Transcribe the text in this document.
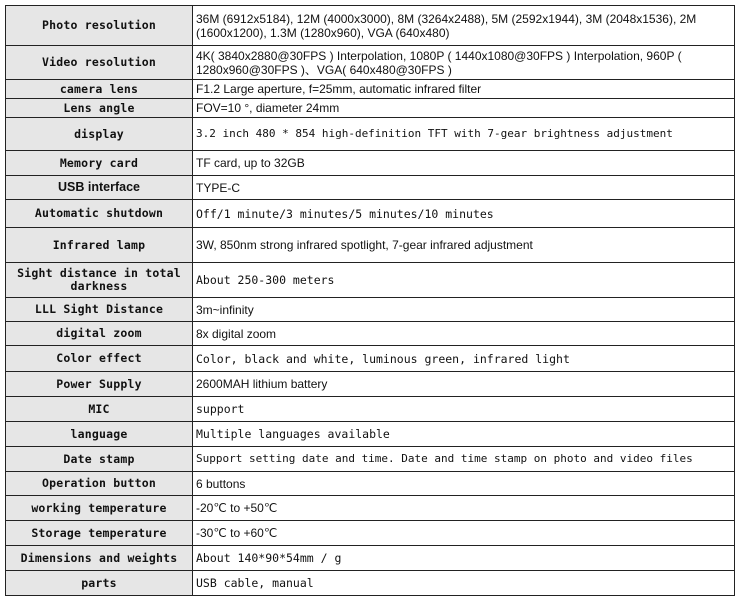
Photo resolution	36M (6912x5184), 12M (4000x3000), 8M (3264x2488), 5M (2592x1944), 3M (2048x1536), 2M (1600x1200), 1.3M (1280x960), VGA (640x480)
Video resolution	4K( 3840x2880@30FPS ) Interpolation, 1080P ( 1440x1080@30FPS ) Interpolation, 960P ( 1280x960@30FPS )、VGA( 640x480@30FPS )
camera lens	F1.2 Large aperture, f=25mm, automatic infrared filter
Lens angle	FOV=10 °, diameter 24mm
display	3.2 inch 480 * 854 high-definition TFT with 7-gear brightness adjustment
Memory card	TF card, up to 32GB
USB interface	TYPE-C
Automatic shutdown	Off/1 minute/3 minutes/5 minutes/10 minutes
Infrared lamp	3W, 850nm strong infrared spotlight, 7-gear infrared adjustment
Sight distance in total darkness	About 250-300 meters
LLL Sight Distance	3m~infinity
digital zoom	8x digital zoom
Color effect	Color, black and white, luminous green, infrared light
Power Supply	2600MAH lithium battery
MIC	support
language	Multiple languages available
Date stamp	Support setting date and time. Date and time stamp on photo and video files
Operation button	6 buttons
working temperature	-20℃ to +50℃
Storage temperature	-30℃ to +60℃
Dimensions and weights	About 140*90*54mm / g
parts	USB cable, manual
